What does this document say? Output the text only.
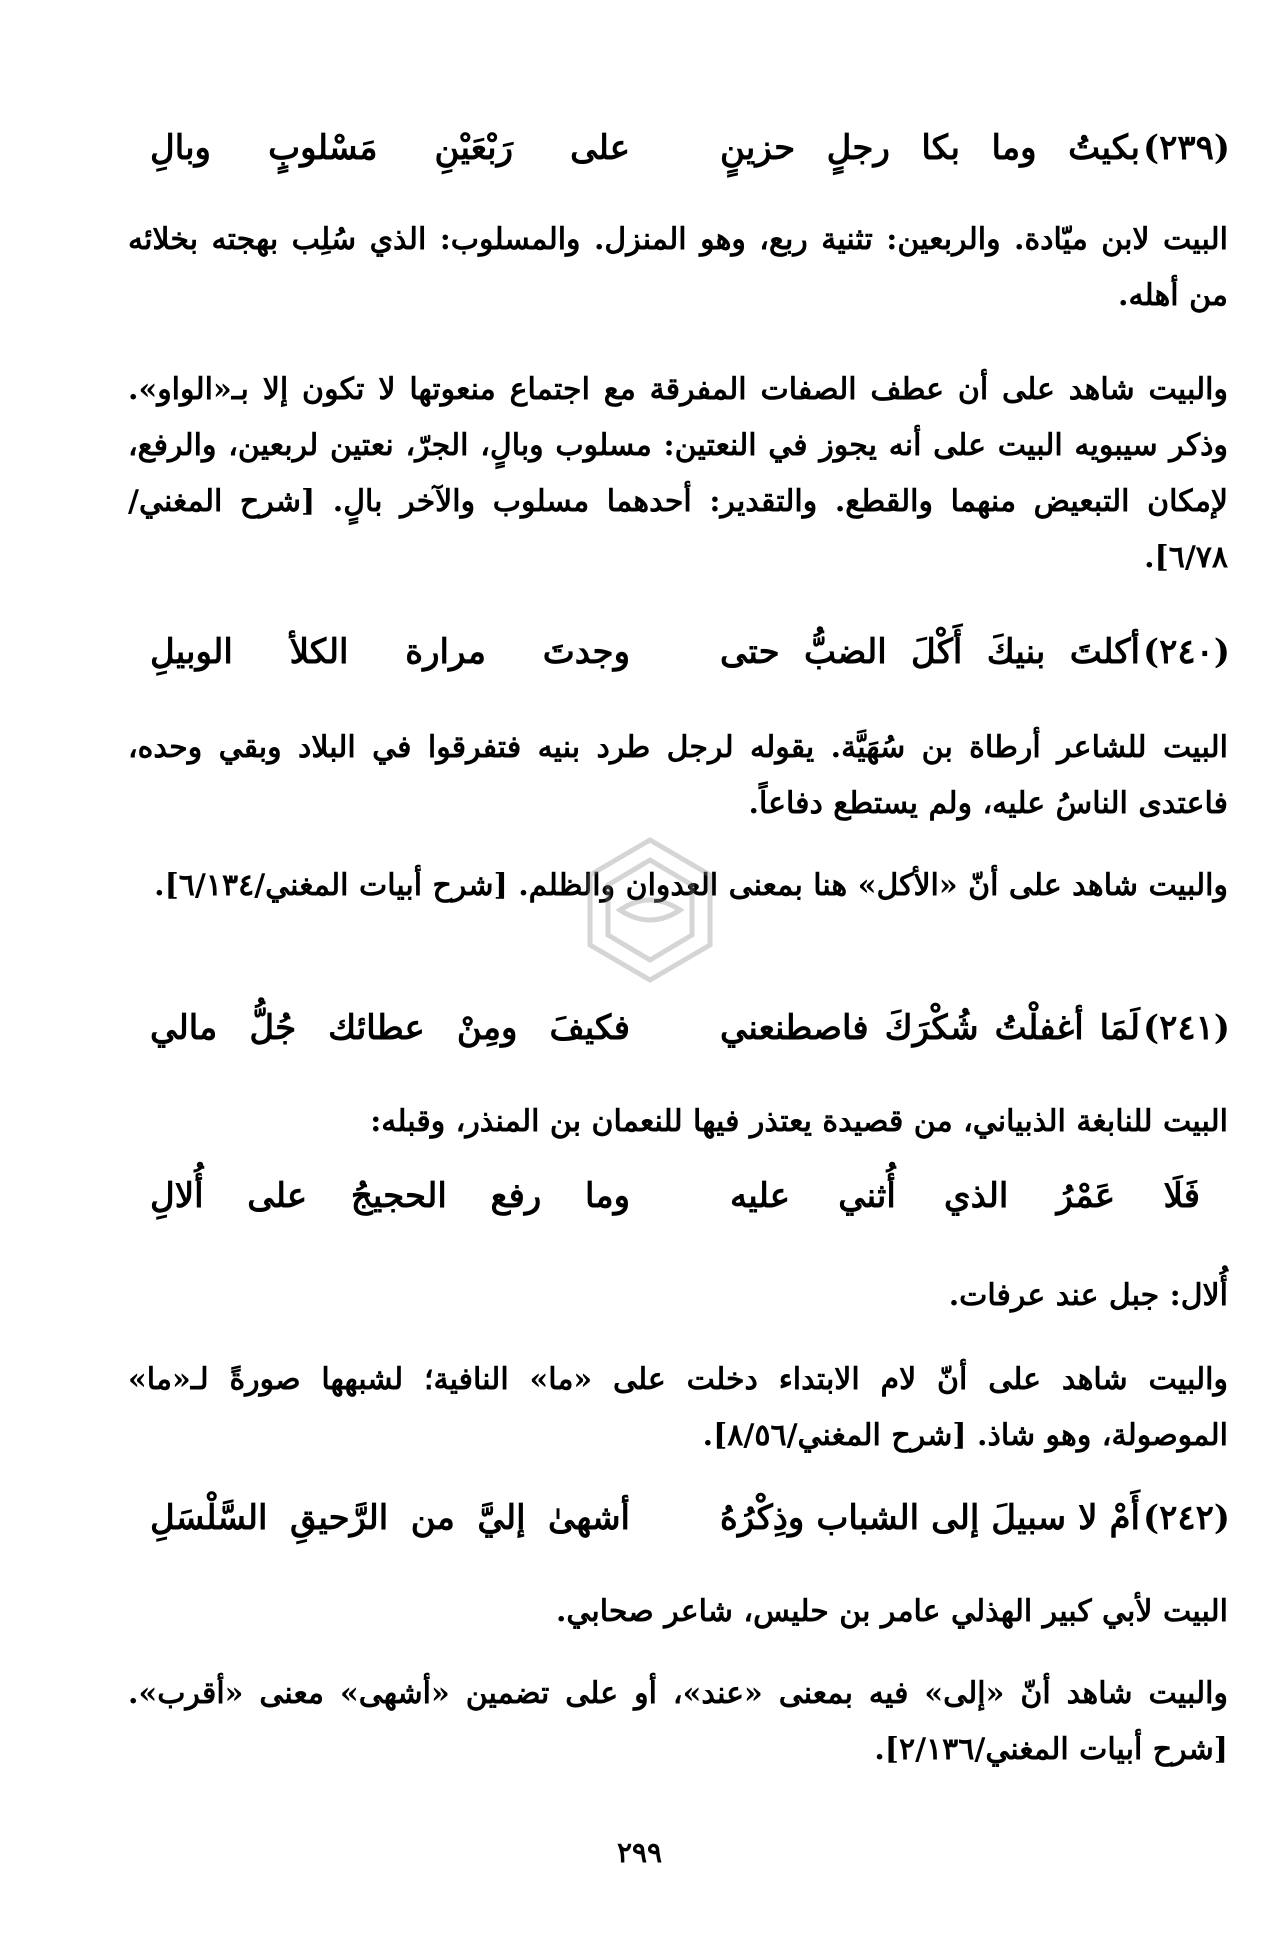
(٢٣٩)
بكيتُ وما بكا رجلٍ حزينٍ
على رَبْعَيْنِ مَسْلوبٍ وبالِ
البيت لابن ميّادة. والربعين: تثنية ربع، وهو المنزل. والمسلوب: الذي سُلِب بهجته بخلائه من أهله.
والبيت شاهد على أن عطف الصفات المفرقة مع اجتماع منعوتها لا تكون إلا بـ«الواو». وذكر سيبويه البيت على أنه يجوز في النعتين: مسلوب وبالٍ، الجرّ، نعتين لربعين، والرفع، لإمكان التبعيض منهما والقطع. والتقدير: أحدهما مسلوب والآخر بالٍ. [شرح المغني/٦/٧٨].
(٢٤٠)
أكلتَ بنيكَ أَكْلَ الضبُّ حتى
وجدتَ مرارة الكلأ الوبيلِ
البيت للشاعر أرطاة بن سُهَيَّة. يقوله لرجل طرد بنيه فتفرقوا في البلاد وبقي وحده، فاعتدى الناسُ عليه، ولم يستطع دفاعاً.
والبيت شاهد على أنّ «الأكل» هنا بمعنى العدوان والظلم. [شرح أبيات المغني/٦/١٣٤].
(٢٤١)
لَمَا أغفلْتُ شُكْرَكَ فاصطنعني
فكيفَ ومِنْ عطائك جُلُّ مالي
البيت للنابغة الذبياني، من قصيدة يعتذر فيها للنعمان بن المنذر، وقبله:
فَلَا عَمْرُ الذي أُثني عليه
وما رفع الحجيجُ على أُلالِ
أُلال: جبل عند عرفات.
والبيت شاهد على أنّ لام الابتداء دخلت على «ما» النافية؛ لشبهها صورةً لـ«ما» الموصولة، وهو شاذ. [شرح المغني/٨/٥٦].
(٢٤٢)
أَمْ لا سبيلَ إلى الشباب وذِكْرُهُ
أشهىٰ إليَّ من الرَّحيقِ السَّلْسَلِ
البيت لأبي كبير الهذلي عامر بن حليس، شاعر صحابي.
والبيت شاهد أنّ «إلى» فيه بمعنى «عند»، أو على تضمين «أشهى» معنى «أقرب». [شرح أبيات المغني/٢/١٣٦].
٢٩٩
